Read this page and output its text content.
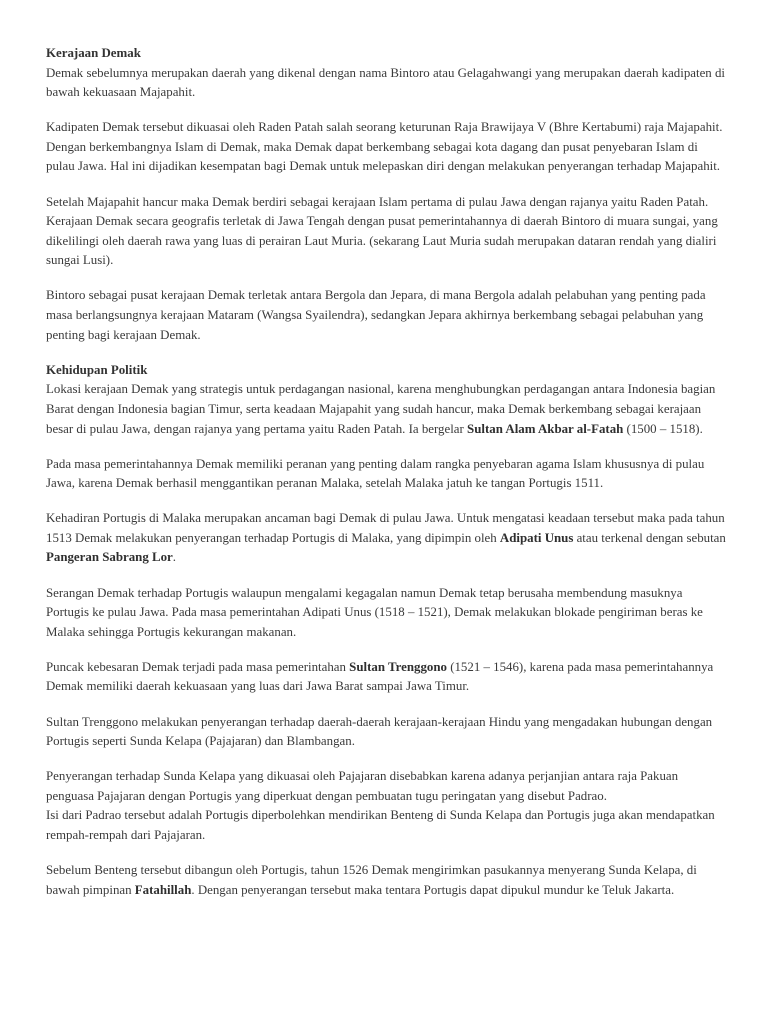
Kerajaan Demak
Demak sebelumnya merupakan daerah yang dikenal dengan nama Bintoro atau Gelagahwangi yang merupakan daerah kadipaten di bawah kekuasaan Majapahit.

Kadipaten Demak tersebut dikuasai oleh Raden Patah salah seorang keturunan Raja Brawijaya V (Bhre Kertabumi) raja Majapahit.
Dengan berkembangnya Islam di Demak, maka Demak dapat berkembang sebagai kota dagang dan pusat penyebaran Islam di pulau Jawa. Hal ini dijadikan kesempatan bagi Demak untuk melepaskan diri dengan melakukan penyerangan terhadap Majapahit.

Setelah Majapahit hancur maka Demak berdiri sebagai kerajaan Islam pertama di pulau Jawa dengan rajanya yaitu Raden Patah. Kerajaan Demak secara geografis terletak di Jawa Tengah dengan pusat pemerintahannya di daerah Bintoro di muara sungai, yang dikelilingi oleh daerah rawa yang luas di perairan Laut Muria. (sekarang Laut Muria sudah merupakan dataran rendah yang dialiri sungai Lusi).

Bintoro sebagai pusat kerajaan Demak terletak antara Bergola dan Jepara, di mana Bergola adalah pelabuhan yang penting pada masa berlangsungnya kerajaan Mataram (Wangsa Syailendra), sedangkan Jepara akhirnya berkembang sebagai pelabuhan yang penting bagi kerajaan Demak.

Kehidupan Politik
Lokasi kerajaan Demak yang strategis untuk perdagangan nasional, karena menghubungkan perdagangan antara Indonesia bagian Barat dengan Indonesia bagian Timur, serta keadaan Majapahit yang sudah hancur, maka Demak berkembang sebagai kerajaan besar di pulau Jawa, dengan rajanya yang pertama yaitu Raden Patah. Ia bergelar Sultan Alam Akbar al-Fatah (1500 – 1518).

Pada masa pemerintahannya Demak memiliki peranan yang penting dalam rangka penyebaran agama Islam khususnya di pulau Jawa, karena Demak berhasil menggantikan peranan Malaka, setelah Malaka jatuh ke tangan Portugis 1511.

Kehadiran Portugis di Malaka merupakan ancaman bagi Demak di pulau Jawa. Untuk mengatasi keadaan tersebut maka pada tahun 1513 Demak melakukan penyerangan terhadap Portugis di Malaka, yang dipimpin oleh Adipati Unus atau terkenal dengan sebutan Pangeran Sabrang Lor.

Serangan Demak terhadap Portugis walaupun mengalami kegagalan namun Demak tetap berusaha membendung masuknya Portugis ke pulau Jawa. Pada masa pemerintahan Adipati Unus (1518 – 1521), Demak melakukan blokade pengiriman beras ke Malaka sehingga Portugis kekurangan makanan.

Puncak kebesaran Demak terjadi pada masa pemerintahan Sultan Trenggono (1521 – 1546), karena pada masa pemerintahannya Demak memiliki daerah kekuasaan yang luas dari Jawa Barat sampai Jawa Timur.

Sultan Trenggono melakukan penyerangan terhadap daerah-daerah kerajaan-kerajaan Hindu yang mengadakan hubungan dengan Portugis seperti Sunda Kelapa (Pajajaran) dan Blambangan.

Penyerangan terhadap Sunda Kelapa yang dikuasai oleh Pajajaran disebabkan karena adanya perjanjian antara raja Pakuan penguasa Pajajaran dengan Portugis yang diperkuat dengan pembuatan tugu peringatan yang disebut Padrao.
Isi dari Padrao tersebut adalah Portugis diperbolehkan mendirikan Benteng di Sunda Kelapa dan Portugis juga akan mendapatkan rempah-rempah dari Pajajaran.

Sebelum Benteng tersebut dibangun oleh Portugis, tahun 1526 Demak mengirimkan pasukannya menyerang Sunda Kelapa, di bawah pimpinan Fatahillah. Dengan penyerangan tersebut maka tentara Portugis dapat dipukul mundur ke Teluk Jakarta.
